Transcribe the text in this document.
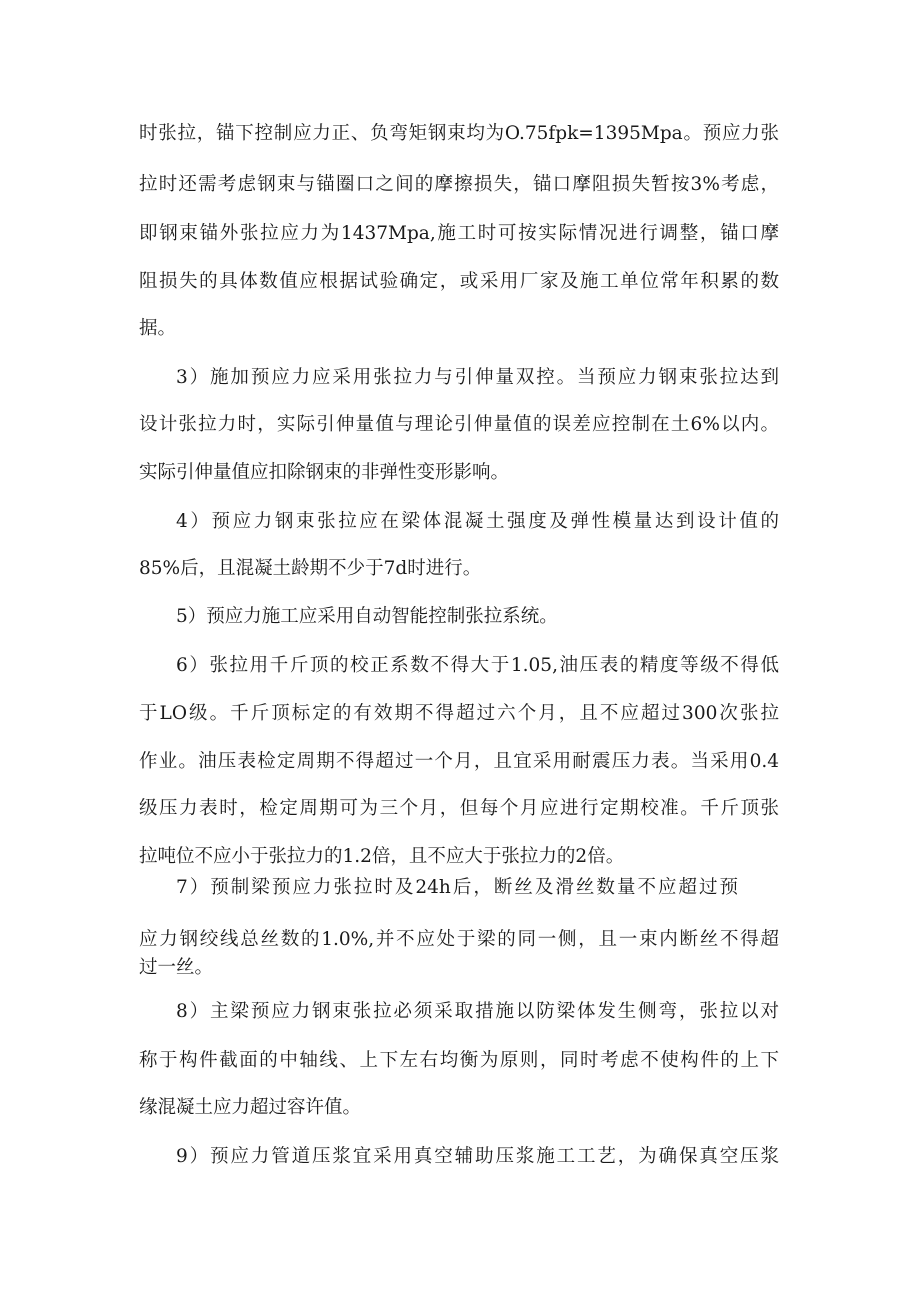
时张拉，锚下控制应力正、负弯矩钢束均为O.75fpk=1395Mpa。预应力张
拉时还需考虑钢束与锚圈口之间的摩擦损失，锚口摩阻损失暂按3%考虑，
即钢束锚外张拉应力为1437Mpa,施工时可按实际情况进行调整，锚口摩
阻损失的具体数值应根据试验确定，或采用厂家及施工单位常年积累的数
据。
3）施加预应力应采用张拉力与引伸量双控。当预应力钢束张拉达到
设计张拉力时，实际引伸量值与理论引伸量值的误差应控制在土6%以内。
实际引伸量值应扣除钢束的非弹性变形影响。
4）预应力钢束张拉应在梁体混凝土强度及弹性模量达到设计值的
85%后，且混凝土龄期不少于7d时进行。
5）预应力施工应采用自动智能控制张拉系统。
6）张拉用千斤顶的校正系数不得大于1.05,油压表的精度等级不得低
于LO级。千斤顶标定的有效期不得超过六个月，且不应超过300次张拉
作业。油压表检定周期不得超过一个月，且宜采用耐震压力表。当采用0.4
级压力表时，检定周期可为三个月，但每个月应进行定期校准。千斤顶张
拉吨位不应小于张拉力的1.2倍，且不应大于张拉力的2倍。
7）预制梁预应力张拉时及24h后，断丝及滑丝数量不应超过预
应力钢绞线总丝数的1.0%,并不应处于梁的同一侧，且一束内断丝不得超
过一丝。
8）主梁预应力钢束张拉必须采取措施以防梁体发生侧弯，张拉以对
称于构件截面的中轴线、上下左右均衡为原则，同时考虑不使构件的上下
缘混凝土应力超过容许值。
9）预应力管道压浆宜采用真空辅助压浆施工工艺，为确保真空压浆
